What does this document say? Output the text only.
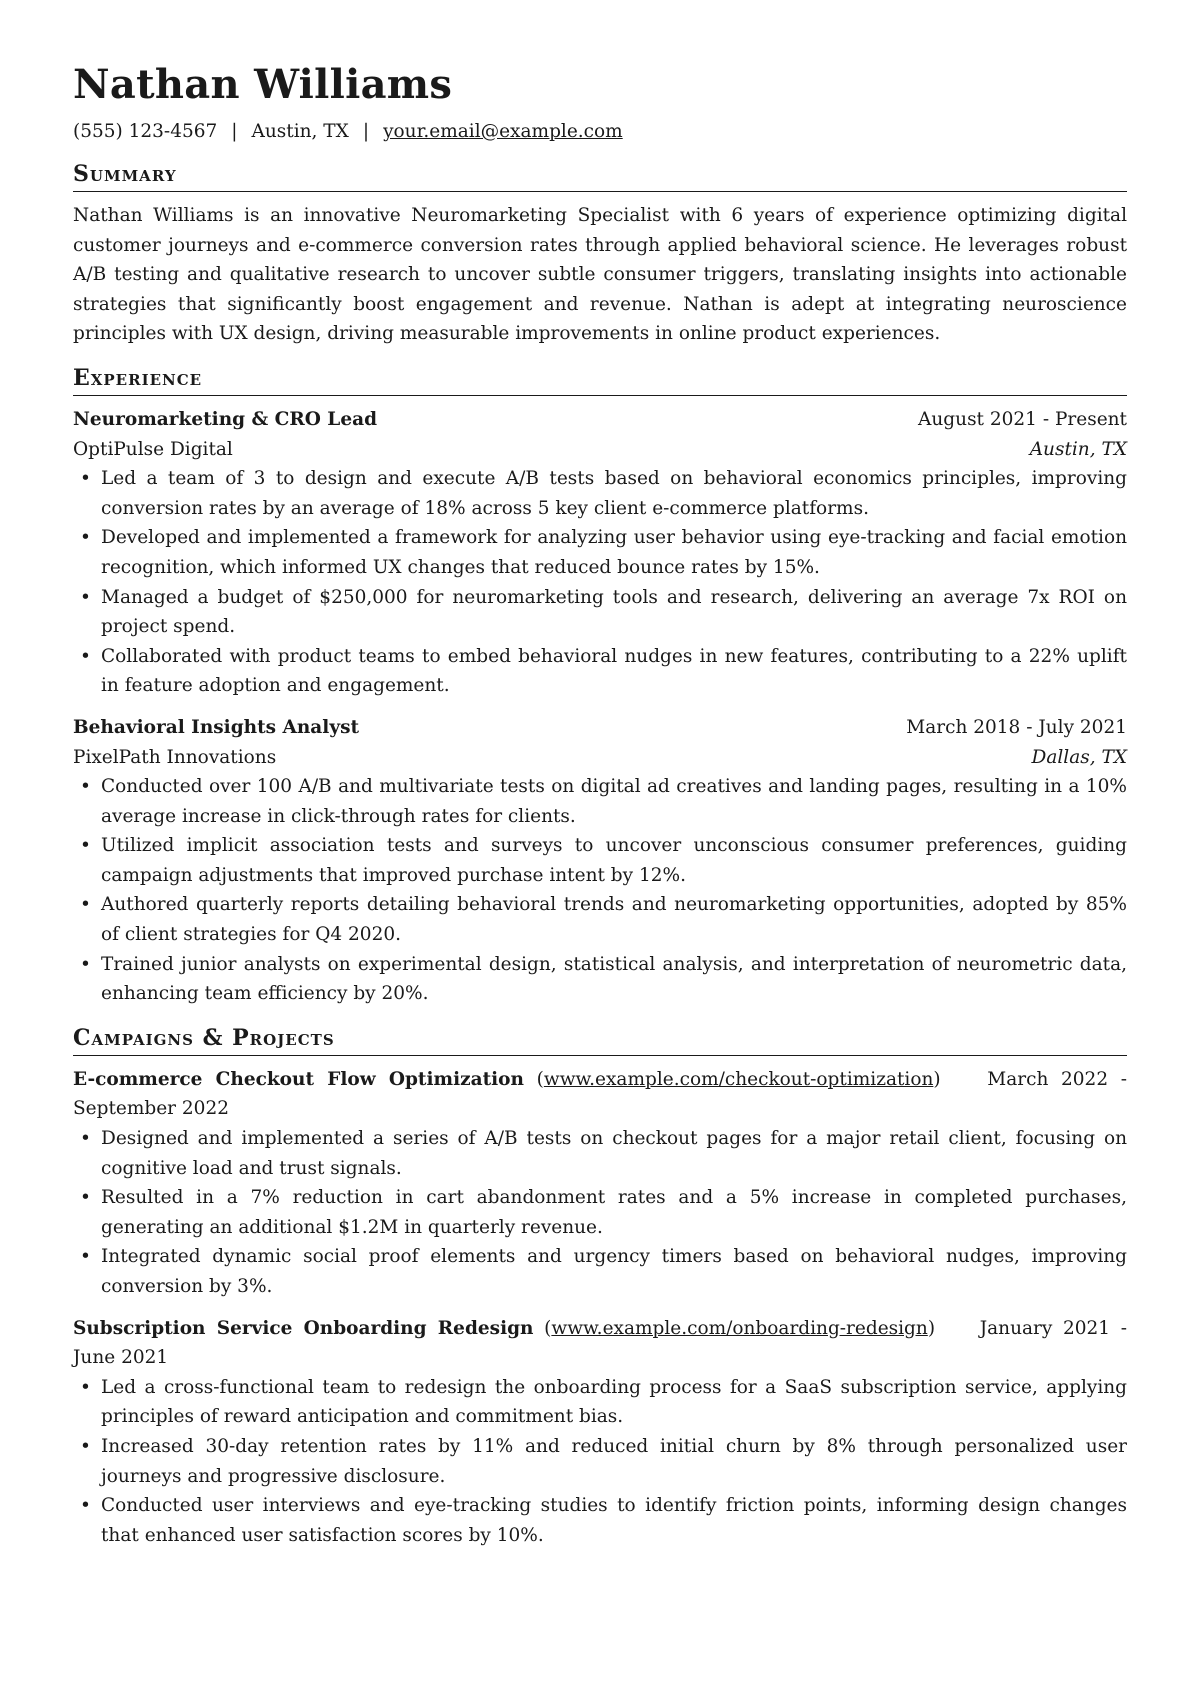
Nathan Williams
(555) 123-4567 | Austin, TX | your.email@example.com
Summary

Nathan Williams is an innovative Neuromarketing Specialist with 6 years of experience optimizing digital customer journeys and e-commerce conversion rates through applied behavioral science. He leverages robust A/B testing and qualitative research to uncover subtle consumer triggers, translating insights into actionable strategies that significantly boost engagement and revenue. Nathan is adept at integrating neuroscience principles with UX design, driving measurable improvements in online product experiences.

Experience
Neuromarketing & CRO Lead	August 2021 - Present
OptiPulse Digital	Austin, TX
• Led a team of 3 to design and execute A/B tests based on behavioral economics principles, improving conversion rates by an average of 18% across 5 key client e-commerce platforms.
• Developed and implemented a framework for analyzing user behavior using eye-tracking and facial emotion recognition, which informed UX changes that reduced bounce rates by 15%.
• Managed a budget of $250,000 for neuromarketing tools and research, delivering an average 7x ROI on project spend.
• Collaborated with product teams to embed behavioral nudges in new features, contributing to a 22% uplift in feature adoption and engagement.
Behavioral Insights Analyst	March 2018 - July 2021
PixelPath Innovations	Dallas, TX
• Conducted over 100 A/B and multivariate tests on digital ad creatives and landing pages, resulting in a 10% average increase in click-through rates for clients.
• Utilized implicit association tests and surveys to uncover unconscious consumer preferences, guiding campaign adjustments that improved purchase intent by 12%.
• Authored quarterly reports detailing behavioral trends and neuromarketing opportunities, adopted by 85% of client strategies for Q4 2020.
• Trained junior analysts on experimental design, statistical analysis, and interpretation of neurometric data, enhancing team efficiency by 20%.
Campaigns & Projects
E-commerce Checkout Flow Optimization (www.example.com/checkout-optimization) March 2022 - September 2022
• Designed and implemented a series of A/B tests on checkout pages for a major retail client, focusing on cognitive load and trust signals.
• Resulted in a 7% reduction in cart abandonment rates and a 5% increase in completed purchases, generating an additional $1.2M in quarterly revenue.
• Integrated dynamic social proof elements and urgency timers based on behavioral nudges, improving conversion by 3%.
Subscription Service Onboarding Redesign (www.example.com/onboarding-redesign) January 2021 - June 2021
• Led a cross-functional team to redesign the onboarding process for a SaaS subscription service, applying principles of reward anticipation and commitment bias.
• Increased 30-day retention rates by 11% and reduced initial churn by 8% through personalized user journeys and progressive disclosure.
• Conducted user interviews and eye-tracking studies to identify friction points, informing design changes that enhanced user satisfaction scores by 10%.
